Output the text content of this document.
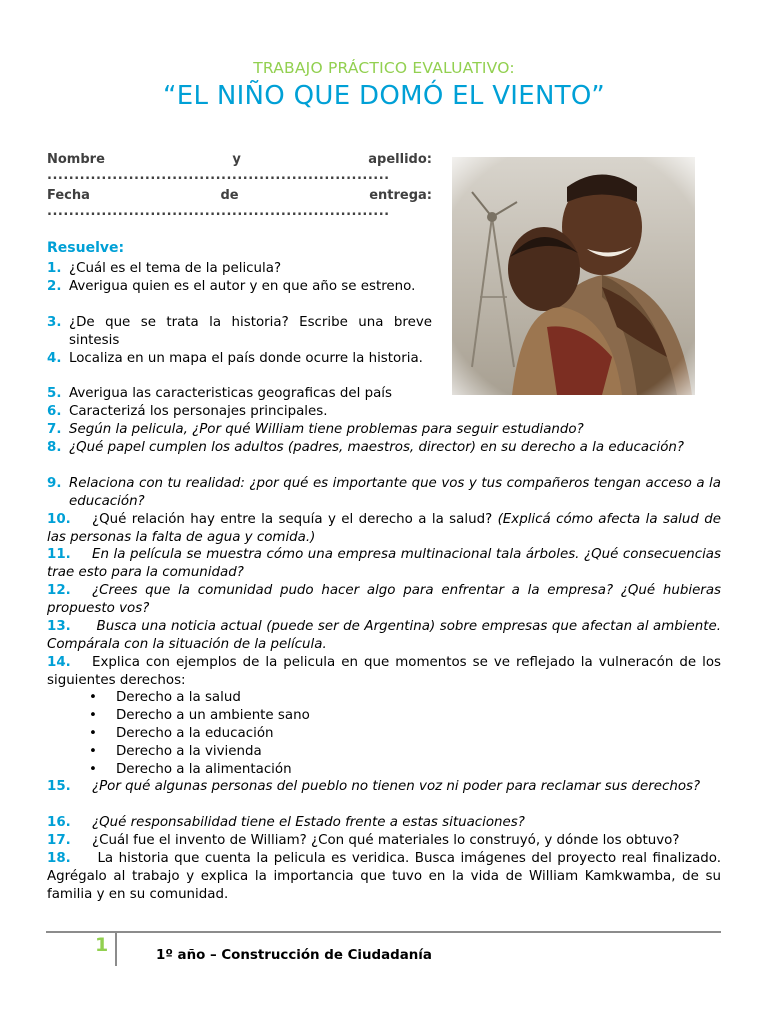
TRABAJO PRÁCTICO EVALUATIVO:
“EL NIÑO QUE DOMÓ EL VIENTO”
Nombre	y	apellido:
...............................................................
Fecha	de	entrega:
...............................................................
Resuelve:
1. ¿Cuál es el tema de la pelicula?
2. Averigua quien es el autor y en que año se estreno.
3. ¿De que se trata la historia? Escribe una breve sintesis
4. Localiza en un mapa el país donde ocurre la historia.
5. Averigua las caracteristicas geograficas del país
6. Caracterizá los personajes principales.
7. Según la pelicula, ¿Por qué William tiene problemas para seguir estudiando?
8. ¿Qué papel cumplen los adultos (padres, maestros, director) en su derecho a la educación?
9. Relaciona con tu realidad: ¿por qué es importante que vos y tus compañeros tengan acceso a la educación?
10. ¿Qué relación hay entre la sequía y el derecho a la salud? (Explicá cómo afecta la salud de las personas la falta de agua y comida.)
11. En la película se muestra cómo una empresa multinacional tala árboles. ¿Qué consecuencias trae esto para la comunidad?
12. ¿Crees que la comunidad pudo hacer algo para enfrentar a la empresa? ¿Qué hubieras propuesto vos?
13. Busca una noticia actual (puede ser de Argentina) sobre empresas que afectan al ambiente. Compárala con la situación de la película.
14. Explica con ejemplos de la pelicula en que momentos se ve reflejado la vulneracón de los siguientes derechos:
• Derecho a la salud
• Derecho a un ambiente sano
• Derecho a la educación
• Derecho a la vivienda
• Derecho a la alimentación
15. ¿Por qué algunas personas del pueblo no tienen voz ni poder para reclamar sus derechos?
16. ¿Qué responsabilidad tiene el Estado frente a estas situaciones?
17. ¿Cuál fue el invento de William? ¿Con qué materiales lo construyó, y dónde los obtuvo?
18. La historia que cuenta la pelicula es veridica. Busca imágenes del proyecto real finalizado. Agrégalo al trabajo y explica la importancia que tuvo en la vida de William Kamkwamba, de su familia y en su comunidad.
1	1º año – Construcción de Ciudadanía
